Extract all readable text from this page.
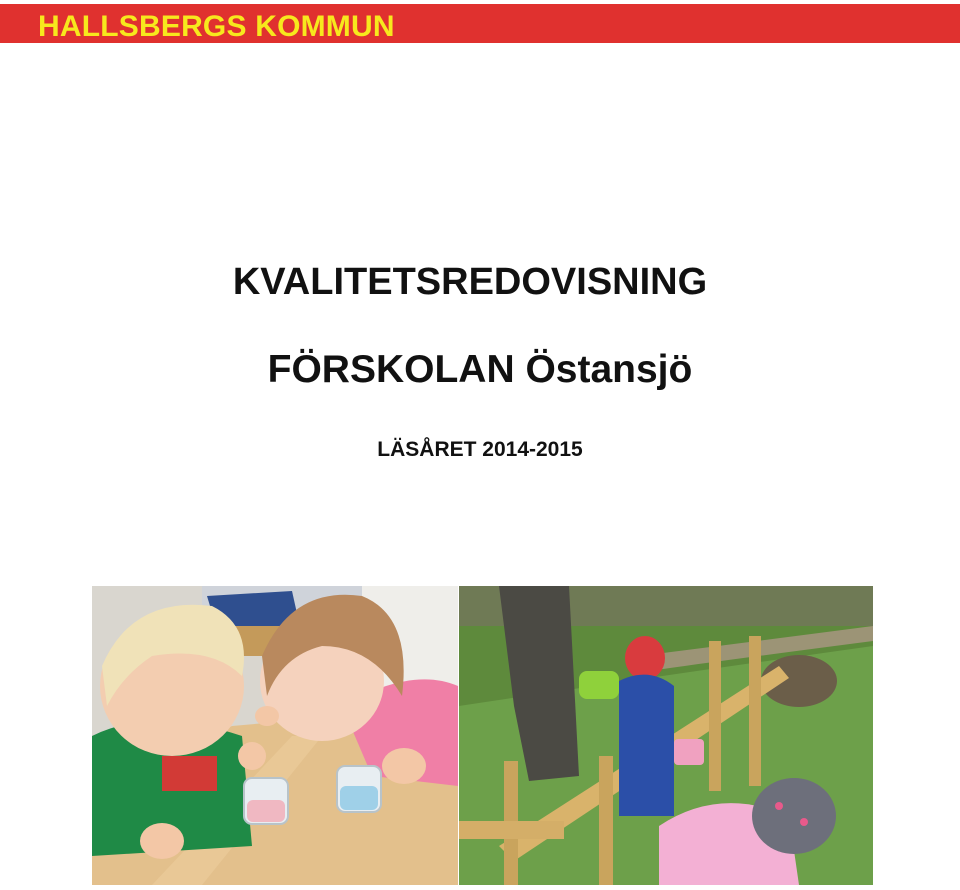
HALLSBERGS KOMMUN
KVALITETSREDOVISNING
FÖRSKOLAN Östansjö
LÄSÅRET 2014-2015
